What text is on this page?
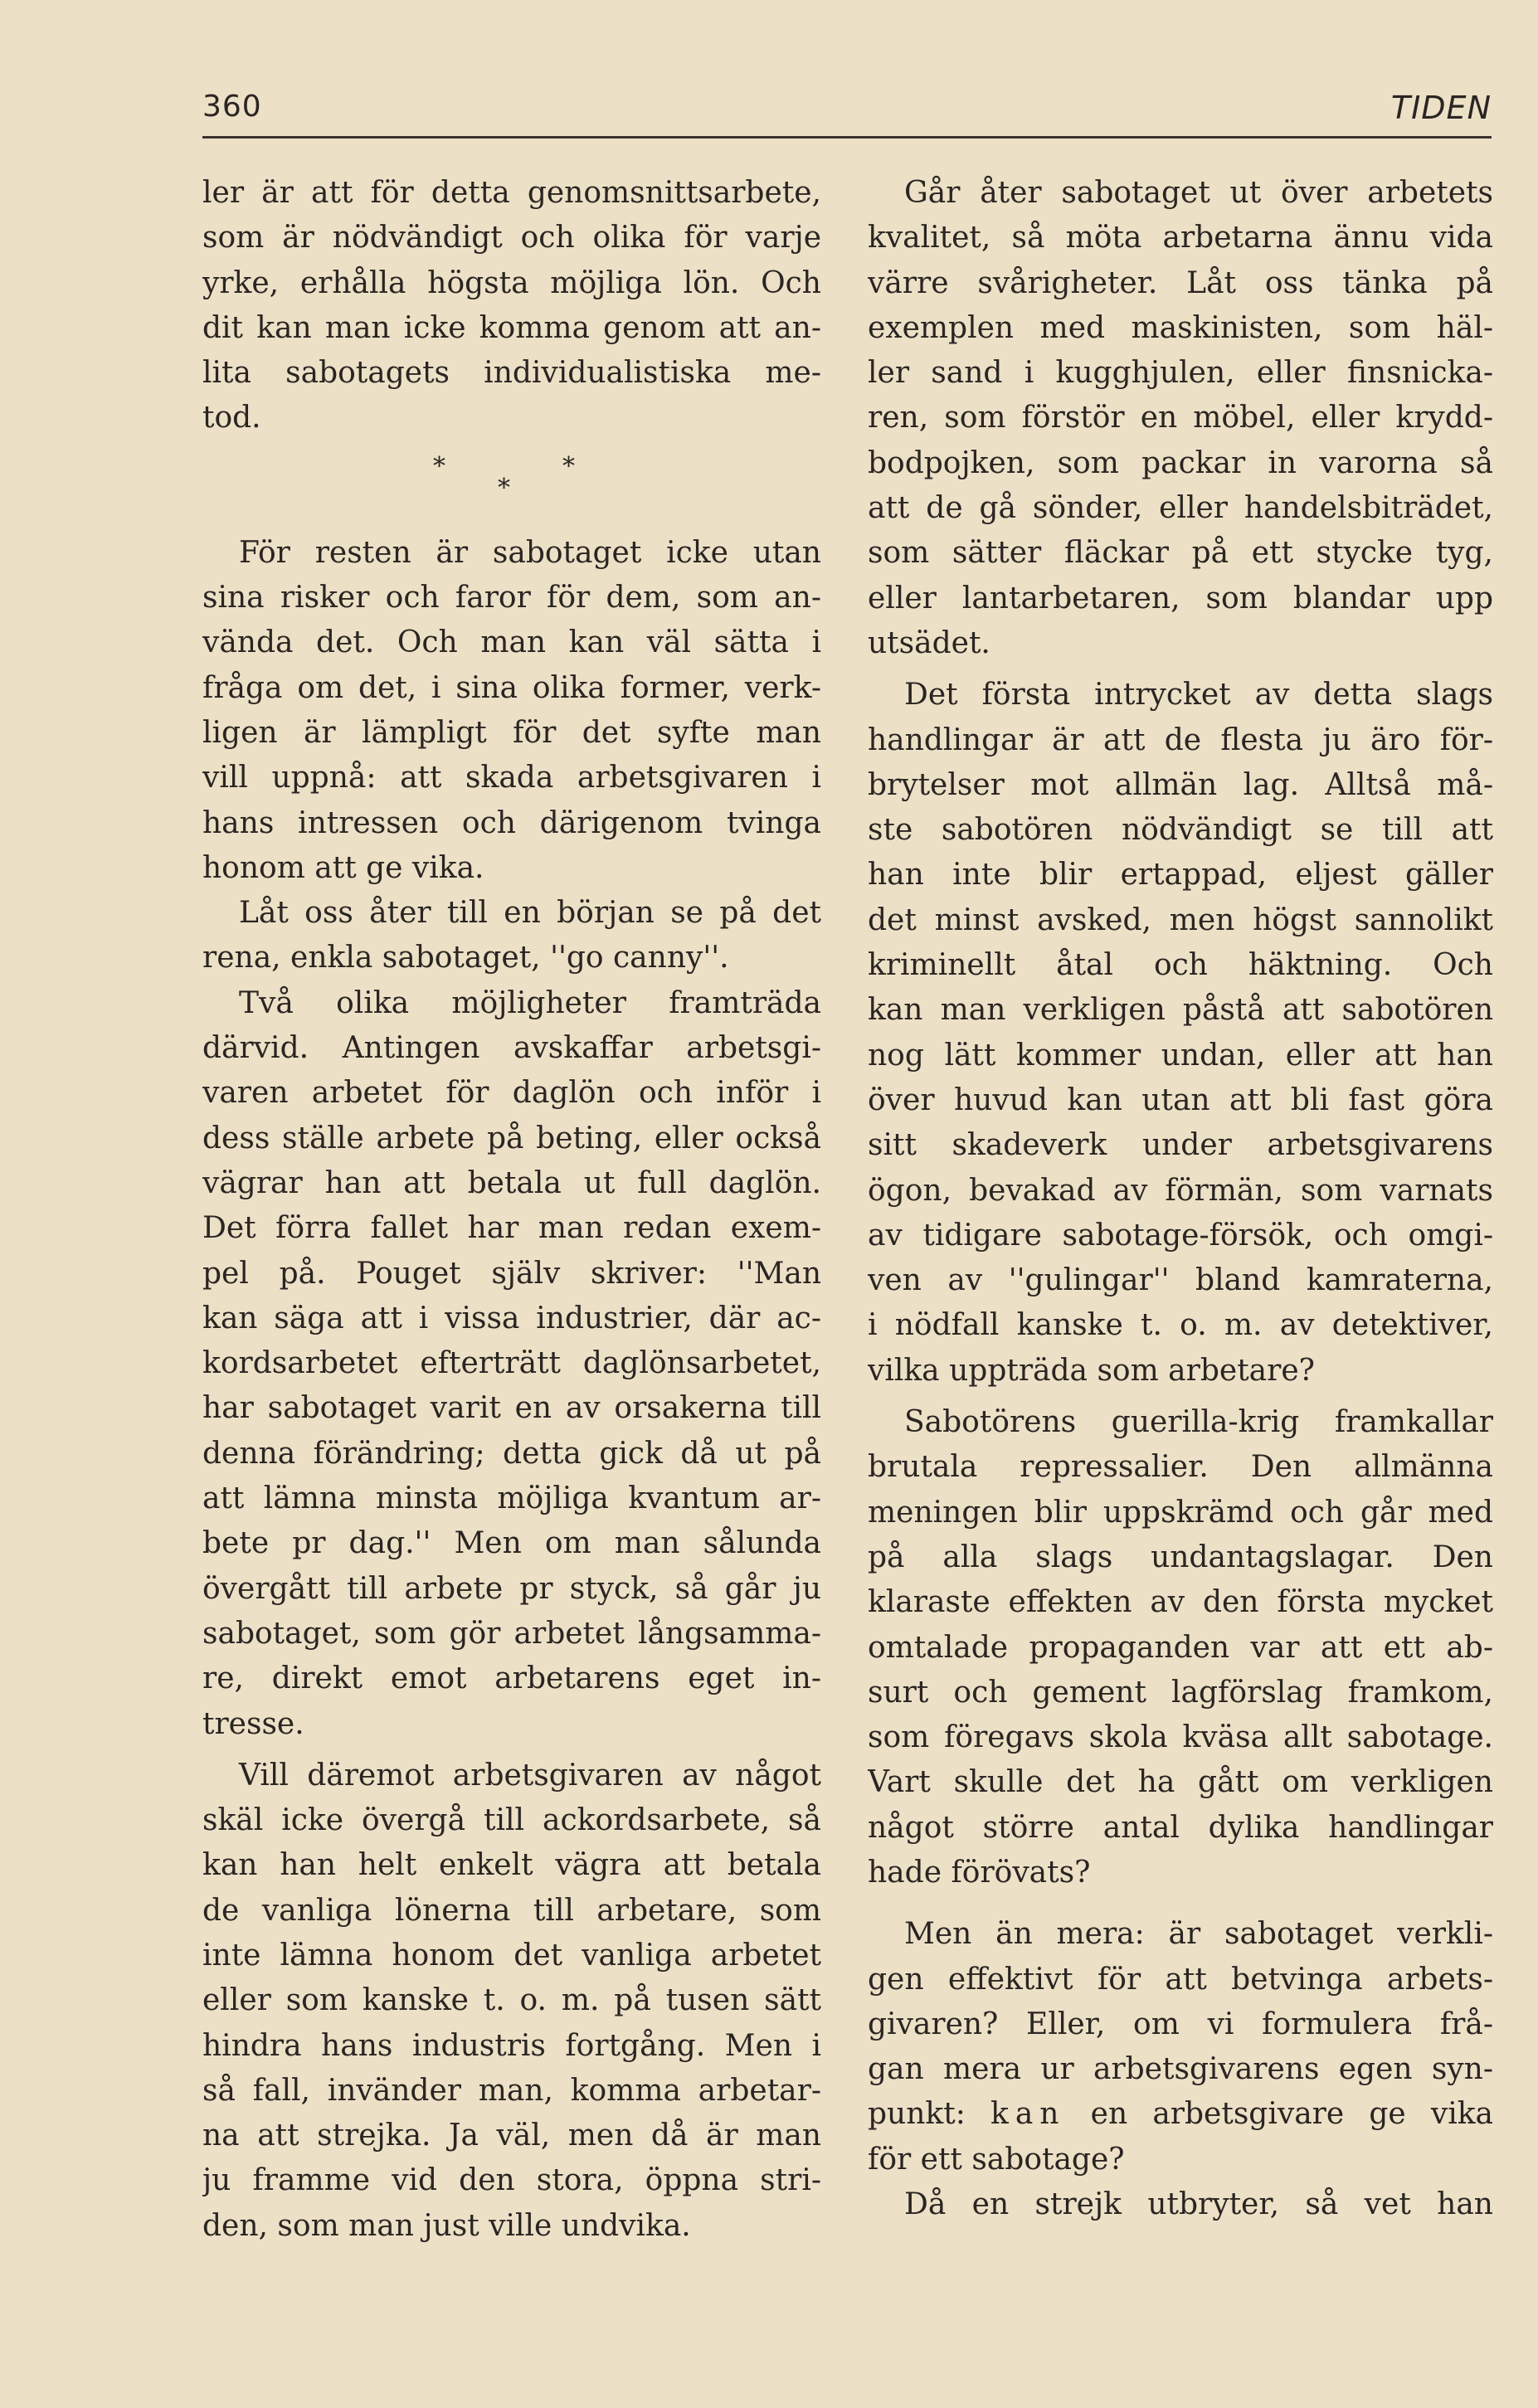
360	TIDEN
ler är att för detta genomsnittsarbete,
som är nödvändigt och olika för varje
yrke, erhålla högsta möjliga lön. Och
dit kan man icke komma genom att an-
lita sabotagets individualistiska me-
tod.
*
*
*
För resten är sabotaget icke utan
sina risker och faror för dem, som an-
vända det. Och man kan väl sätta i
fråga om det, i sina olika former, verk-
ligen är lämpligt för det syfte man
vill uppnå: att skada arbetsgivaren i
hans intressen och därigenom tvinga
honom att ge vika.
Låt oss åter till en början se på det
rena, enkla sabotaget, ''go canny''.
Två olika möjligheter framträda
därvid. Antingen avskaffar arbetsgi-
varen arbetet för daglön och inför i
dess ställe arbete på beting, eller också
vägrar han att betala ut full daglön.
Det förra fallet har man redan exem-
pel på. Pouget själv skriver: ''Man
kan säga att i vissa industrier, där ac-
kordsarbetet efterträtt daglönsarbetet,
har sabotaget varit en av orsakerna till
denna förändring; detta gick då ut på
att lämna minsta möjliga kvantum ar-
bete pr dag.'' Men om man sålunda
övergått till arbete pr styck, så går ju
sabotaget, som gör arbetet långsamma-
re, direkt emot arbetarens eget in-
tresse.
Vill däremot arbetsgivaren av något
skäl icke övergå till ackordsarbete, så
kan han helt enkelt vägra att betala
de vanliga lönerna till arbetare, som
inte lämna honom det vanliga arbetet
eller som kanske t. o. m. på tusen sätt
hindra hans industris fortgång. Men i
så fall, invänder man, komma arbetar-
na att strejka. Ja väl, men då är man
ju framme vid den stora, öppna stri-
den, som man just ville undvika.
Går åter sabotaget ut över arbetets
kvalitet, så möta arbetarna ännu vida
värre svårigheter. Låt oss tänka på
exemplen med maskinisten, som häl-
ler sand i kugghjulen, eller finsnicka-
ren, som förstör en möbel, eller krydd-
bodpojken, som packar in varorna så
att de gå sönder, eller handelsbiträdet,
som sätter fläckar på ett stycke tyg,
eller lantarbetaren, som blandar upp
utsädet.
Det första intrycket av detta slags
handlingar är att de flesta ju äro för-
brytelser mot allmän lag. Alltså må-
ste sabotören nödvändigt se till att
han inte blir ertappad, eljest gäller
det minst avsked, men högst sannolikt
kriminellt åtal och häktning. Och
kan man verkligen påstå att sabotören
nog lätt kommer undan, eller att han
över huvud kan utan att bli fast göra
sitt skadeverk under arbetsgivarens
ögon, bevakad av förmän, som varnats
av tidigare sabotage-försök, och omgi-
ven av ''gulingar'' bland kamraterna,
i nödfall kanske t. o. m. av detektiver,
vilka uppträda som arbetare?
Sabotörens guerilla-krig framkallar
brutala repressalier. Den allmänna
meningen blir uppskrämd och går med
på alla slags undantagslagar. Den
klaraste effekten av den första mycket
omtalade propaganden var att ett ab-
surt och gement lagförslag framkom,
som föregavs skola kväsa allt sabotage.
Vart skulle det ha gått om verkligen
något större antal dylika handlingar
hade förövats?
Men än mera: är sabotaget verkli-
gen effektivt för att betvinga arbets-
givaren? Eller, om vi formulera frå-
gan mera ur arbetsgivarens egen syn-
punkt: kan en arbetsgivare ge vika
för ett sabotage?
Då en strejk utbryter, så vet han
